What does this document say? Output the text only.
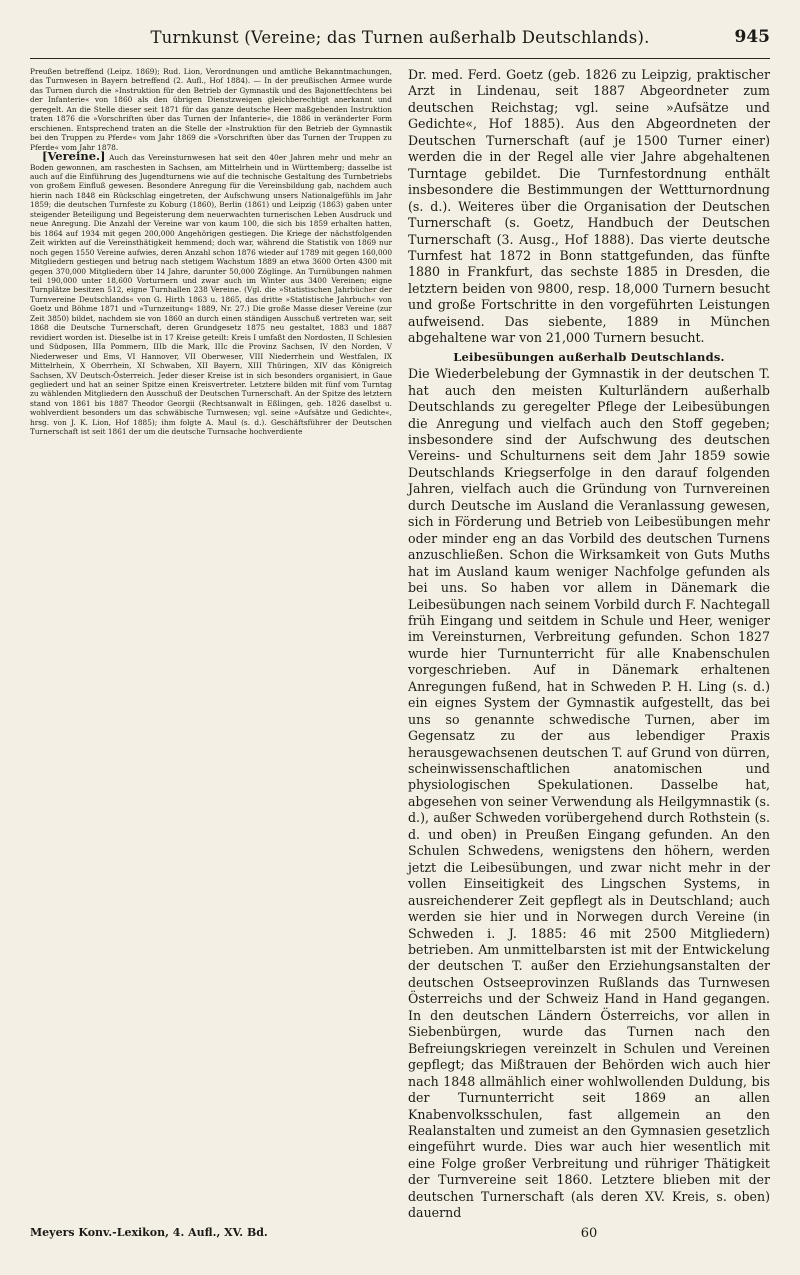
Turnkunst (Vereine; das Turnen außerhalb Deutschlands).	945

Preußen betreffend (Leipz. 1869); Rud. Lion, Verordnungen und amtliche Bekanntmachungen, das Turnwesen in Bayern betreffend (2. Aufl., Hof 1884). — In der preußischen Armee wurde das Turnen durch die »Instruktion für den Betrieb der Gymnastik und des Bajonettfechtens bei der Infanterie« von 1860 als den übrigen Dienstzweigen gleichberechtigt anerkannt und geregelt. An die Stelle dieser seit 1871 für das ganze deutsche Heer maßgebenden Instruktion traten 1876 die »Vorschriften über das Turnen der Infanterie«, die 1886 in veränderter Form erschienen. Entsprechend traten an die Stelle der »Instruktion für den Betrieb der Gymnastik bei den Truppen zu Pferde« vom Jahr 1869 die »Vorschriften über das Turnen der Truppen zu Pferde« vom Jahr 1878.

[Vereine.] Auch das Vereinsturnwesen hat seit den 40er Jahren mehr und mehr an Boden gewonnen, am raschesten in Sachsen, am Mittelrhein und in Württemberg; dasselbe ist auch auf die Einführung des Jugendturnens wie auf die technische Gestaltung des Turnbetriebs von großem Einfluß gewesen. Besondere Anregung für die Vereinsbildung gab, nachdem auch hierin nach 1848 ein Rückschlag eingetreten, der Aufschwung unsers Nationalgefühls im Jahr 1859; die deutschen Turnfeste zu Koburg (1860), Berlin (1861) und Leipzig (1863) gaben unter steigender Beteiligung und Begeisterung dem neuerwachten turnerischen Leben Ausdruck und neue Anregung. Die Anzahl der Vereine war von kaum 100, die sich bis 1859 erhalten hatten, bis 1864 auf 1934 mit gegen 200,000 Angehörigen gestiegen. Die Kriege der nächstfolgenden Zeit wirkten auf die Vereinsthätigkeit hemmend; doch war, während die Statistik von 1869 nur noch gegen 1550 Vereine aufwies, deren Anzahl schon 1876 wieder auf 1789 mit gegen 160,000 Mitgliedern gestiegen und betrug nach stetigem Wachstum 1889 an etwa 3600 Orten 4300 mit gegen 370,000 Mitgliedern über 14 Jahre, darunter 50,000 Zöglinge. An Turnübungen nahmen teil 190,000 unter 18,600 Vorturnern und zwar auch im Winter aus 3400 Vereinen; eigne Turnplätze besitzen 512, eigne Turnhallen 238 Vereine. (Vgl. die »Statistischen Jahrbücher der Turnvereine Deutschlands« von G. Hirth 1863 u. 1865, das dritte »Statistische Jahrbuch« von Goetz und Böhme 1871 und »Turnzeitung« 1889, Nr. 27.) Die große Masse dieser Vereine (zur Zeit 3850) bildet, nachdem sie von 1860 an durch einen ständigen Ausschuß vertreten war, seit 1868 die Deutsche Turnerschaft, deren Grundgesetz 1875 neu gestaltet, 1883 und 1887 revidiert worden ist. Dieselbe ist in 17 Kreise geteilt: Kreis I umfaßt den Nordosten, II Schlesien und Südposen, IIIa Pommern, IIIb die Mark, IIIc die Provinz Sachsen, IV den Norden, V Niederweser und Ems, VI Hannover, VII Oberweser, VIII Niederrhein und Westfalen, IX Mittelrhein, X Oberrhein, XI Schwaben, XII Bayern, XIII Thüringen, XIV das Königreich Sachsen, XV Deutsch-Österreich. Jeder dieser Kreise ist in sich besonders organisiert, in Gaue gegliedert und hat an seiner Spitze einen Kreisvertreter. Letztere bilden mit fünf vom Turntag zu wählenden Mitgliedern den Ausschuß der Deutschen Turnerschaft. An der Spitze des letztern stand von 1861 bis 1887 Theodor Georgii (Rechtsanwalt in Eßlingen, geb. 1826 daselbst u. wohlverdient besonders um das schwäbische Turnwesen; vgl. seine »Aufsätze und Gedichte«, hrsg. von J. K. Lion, Hof 1885); ihm folgte A. Maul (s. d.). Geschäftsführer der Deutschen Turnerschaft ist seit 1861 der um die deutsche Turnsache hochverdiente

Dr. med. Ferd. Goetz (geb. 1826 zu Leipzig, praktischer Arzt in Lindenau, seit 1887 Abgeordneter zum deutschen Reichstag; vgl. seine »Aufsätze und Gedichte«, Hof 1885). Aus den Abgeordneten der Deutschen Turnerschaft (auf je 1500 Turner einer) werden die in der Regel alle vier Jahre abgehaltenen Turntage gebildet. Die Turnfestordnung enthält insbesondere die Bestimmungen der Wettturnordnung (s. d.). Weiteres über die Organisation der Deutschen Turnerschaft (s. Goetz, Handbuch der Deutschen Turnerschaft (3. Ausg., Hof 1888). Das vierte deutsche Turnfest hat 1872 in Bonn stattgefunden, das fünfte 1880 in Frankfurt, das sechste 1885 in Dresden, die letztern beiden von 9800, resp. 18,000 Turnern besucht und große Fortschritte in den vorgeführten Leistungen aufweisend. Das siebente, 1889 in München abgehaltene war von 21,000 Turnern besucht.

Leibesübungen außerhalb Deutschlands.

Die Wiederbelebung der Gymnastik in der deutschen T. hat auch den meisten Kulturländern außerhalb Deutschlands zu geregelter Pflege der Leibesübungen die Anregung und vielfach auch den Stoff gegeben; insbesondere sind der Aufschwung des deutschen Vereins- und Schulturnens seit dem Jahr 1859 sowie Deutschlands Kriegserfolge in den darauf folgenden Jahren, vielfach auch die Gründung von Turnvereinen durch Deutsche im Ausland die Veranlassung gewesen, sich in Förderung und Betrieb von Leibesübungen mehr oder minder eng an das Vorbild des deutschen Turnens anzuschließen. Schon die Wirksamkeit von Guts Muths hat im Ausland kaum weniger Nachfolge gefunden als bei uns. So haben vor allem in Dänemark die Leibesübungen nach seinem Vorbild durch F. Nachtegall früh Eingang und seitdem in Schule und Heer, weniger im Vereinsturnen, Verbreitung gefunden. Schon 1827 wurde hier Turnunterricht für alle Knabenschulen vorgeschrieben. Auf in Dänemark erhaltenen Anregungen fußend, hat in Schweden P. H. Ling (s. d.) ein eignes System der Gymnastik aufgestellt, das bei uns so genannte schwedische Turnen, aber im Gegensatz zu der aus lebendiger Praxis herausgewachsenen deutschen T. auf Grund von dürren, scheinwissenschaftlichen anatomischen und physiologischen Spekulationen. Dasselbe hat, abgesehen von seiner Verwendung als Heilgymnastik (s. d.), außer Schweden vorübergehend durch Rothstein (s. d. und oben) in Preußen Eingang gefunden. An den Schulen Schwedens, wenigstens den höhern, werden jetzt die Leibesübungen, und zwar nicht mehr in der vollen Einseitigkeit des Lingschen Systems, in ausreichenderer Zeit gepflegt als in Deutschland; auch werden sie hier und in Norwegen durch Vereine (in Schweden i. J. 1885: 46 mit 2500 Mitgliedern) betrieben. Am unmittelbarsten ist mit der Entwickelung der deutschen T. außer den Erziehungsanstalten der deutschen Ostseeprovinzen Rußlands das Turnwesen Österreichs und der Schweiz Hand in Hand gegangen. In den deutschen Ländern Österreichs, vor allen in Siebenbürgen, wurde das Turnen nach den Befreiungskriegen vereinzelt in Schulen und Vereinen gepflegt; das Mißtrauen der Behörden wich auch hier nach 1848 allmählich einer wohlwollenden Duldung, bis der Turnunterricht seit 1869 an allen Knabenvolksschulen, fast allgemein an den Realanstalten und zumeist an den Gymnasien gesetzlich eingeführt wurde. Dies war auch hier wesentlich mit eine Folge großer Verbreitung und rühriger Thätigkeit der Turnvereine seit 1860. Letztere blieben mit der deutschen Turnerschaft (als deren XV. Kreis, s. oben) dauernd

Meyers Konv.-Lexikon, 4. Aufl., XV. Bd.	60
